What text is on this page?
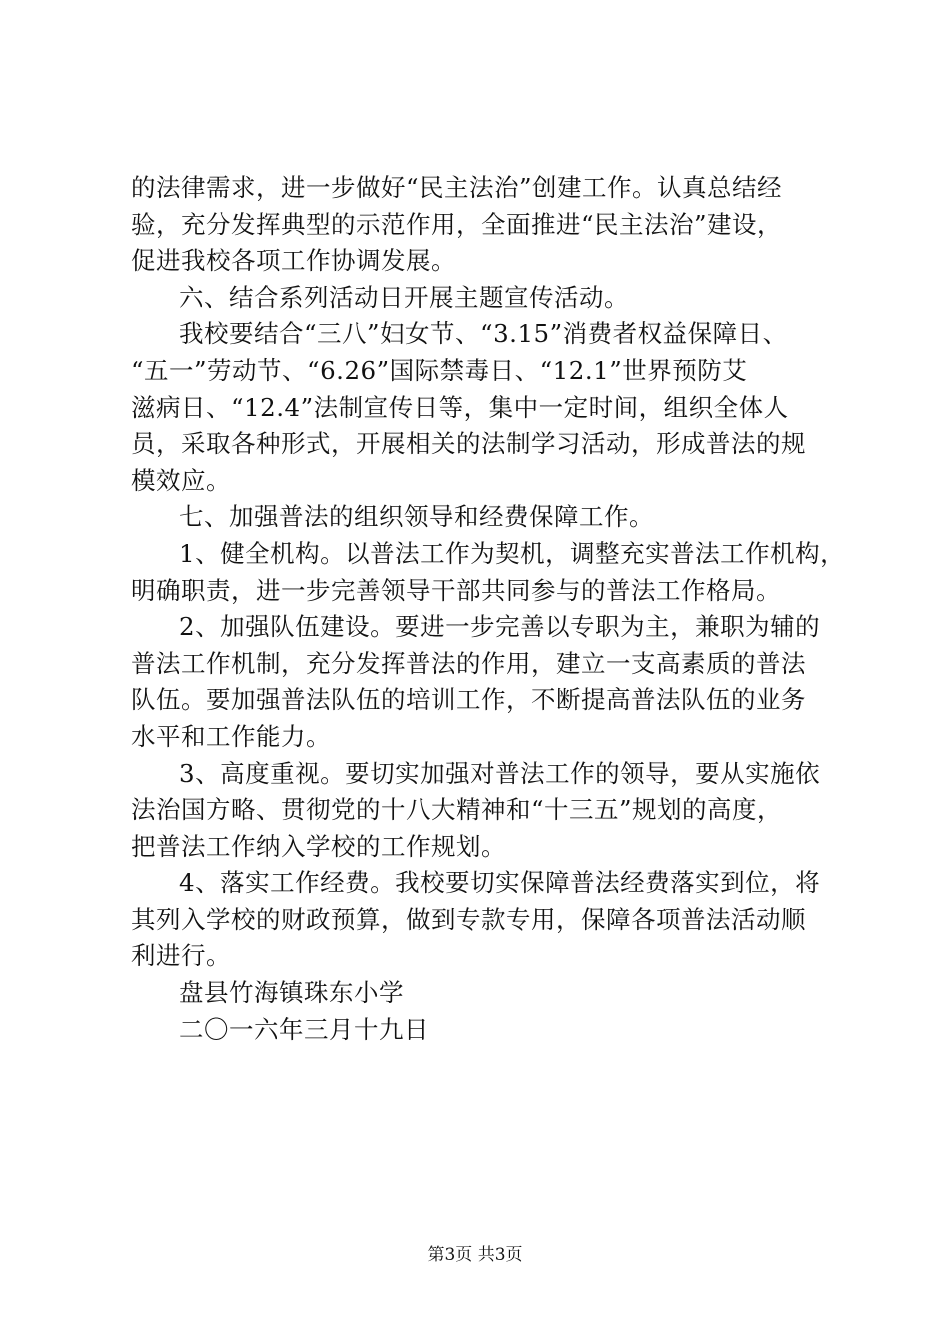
的法律需求，进一步做好“民主法治”创建工作。认真总结经

验，充分发挥典型的示范作用，全面推进“民主法治”建设，

促进我校各项工作协调发展。

六、结合系列活动日开展主题宣传活动。

我校要结合“三八”妇女节、“3.15”消费者权益保障日、

“五一”劳动节、“6.26”国际禁毒日、“12.1”世界预防艾

滋病日、“12.4”法制宣传日等，集中一定时间，组织全体人

员，采取各种形式，开展相关的法制学习活动，形成普法的规

模效应。

七、加强普法的组织领导和经费保障工作。

1、健全机构。以普法工作为契机，调整充实普法工作机构，

明确职责，进一步完善领导干部共同参与的普法工作格局。

2、加强队伍建设。要进一步完善以专职为主，兼职为辅的

普法工作机制，充分发挥普法的作用，建立一支高素质的普法

队伍。要加强普法队伍的培训工作，不断提高普法队伍的业务

水平和工作能力。

3、高度重视。要切实加强对普法工作的领导，要从实施依

法治国方略、贯彻党的十八大精神和“十三五”规划的高度，

把普法工作纳入学校的工作规划。

4、落实工作经费。我校要切实保障普法经费落实到位，将

其列入学校的财政预算，做到专款专用，保障各项普法活动顺

利进行。

盘县竹海镇珠东小学

二〇一六年三月十九日

第3页 共3页
